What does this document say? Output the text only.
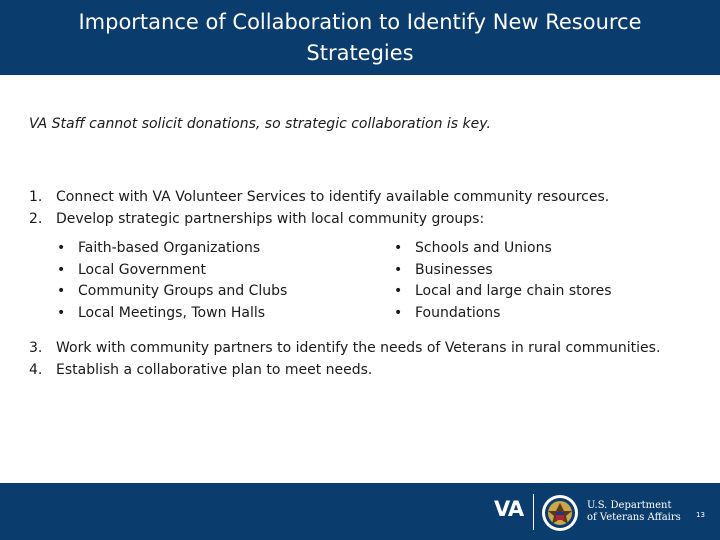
Importance of Collaboration to Identify New Resource Strategies
VA Staff cannot solicit donations, so strategic collaboration is key.
1. Connect with VA Volunteer Services to identify available community resources.
2. Develop strategic partnerships with local community groups:
• Faith-based Organizations
• Local Government
• Community Groups and Clubs
• Local Meetings, Town Halls
• Schools and Unions
• Businesses
• Local and large chain stores
• Foundations
3. Work with community partners to identify the needs of Veterans in rural communities.
4. Establish a collaborative plan to meet needs.
VA	U.S. Department
of Veterans Affairs 13
